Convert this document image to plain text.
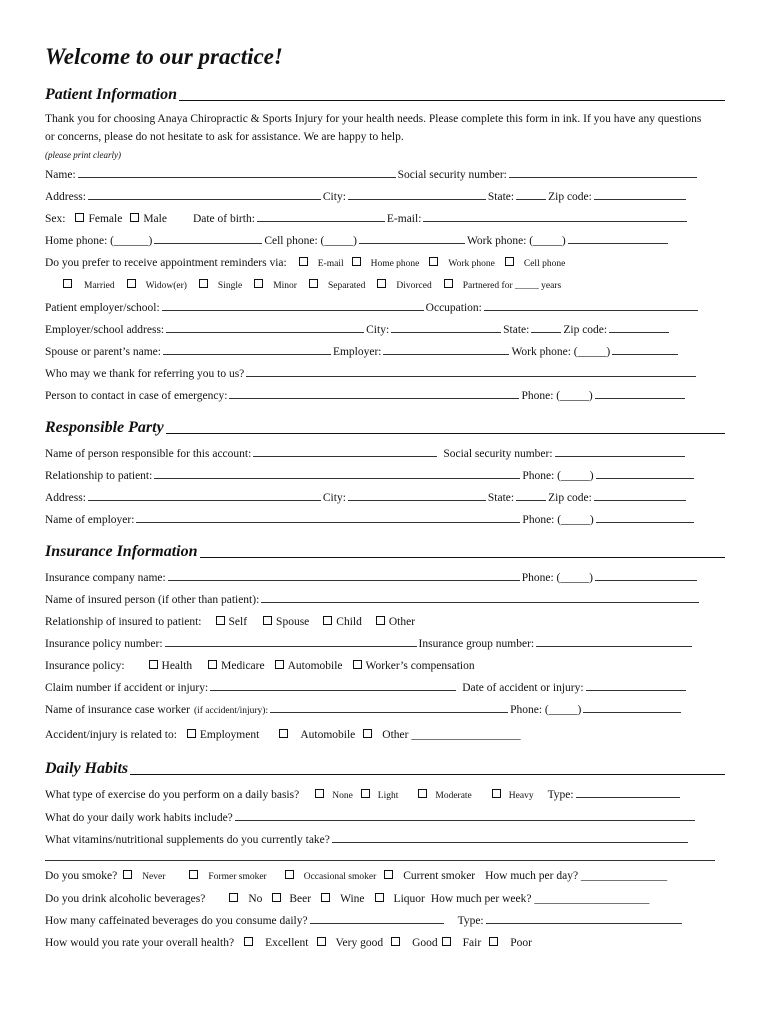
Welcome to our practice!
Patient Information
Thank you for choosing Anaya Chiropractic & Sports Injury for your health needs. Please complete this form in ink. If you have any questions or concerns, please do not hesitate to ask for assistance. We are happy to help.
(please print clearly)
Name:	Social security number:
Address:	City:	State:	Zip code:
Sex: Female Male Date of birth:	E-mail:
Home phone: (______)	Cell phone: (_____)	Work phone: (_____)
Do you prefer to receive appointment reminders via:	E-mail	Home phone	Work phone	Cell phone
Married	Widow(er)	Single	Minor	Separated	Divorced	Partnered for _____ years
Patient employer/school:	Occupation:
Employer/school address:	City:	State:	Zip code:
Spouse or parent’s name:	Employer:	Work phone: (_____)
Who may we thank for referring you to us?
Person to contact in case of emergency:	Phone: (_____)
Responsible Party
Name of person responsible for this account:	Social security number:
Relationship to patient:	Phone: (_____)
Address:	City:	State:	Zip code:
Name of employer:	Phone: (_____)
Insurance Information
Insurance company name:	Phone: (_____)
Name of insured person (if other than patient):
Relationship of insured to patient: Self	Spouse Child Other
Insurance policy number:	Insurance group number:
Insurance policy:	Health	Medicare Automobile Worker’s compensation
Claim number if accident or injury:	Date of accident or injury:
Name of insurance case worker (if accident/injury):	Phone: (_____)
Accident/injury is related to: Employment	Automobile Other ___________________
Daily Habits
What type of exercise do you perform on a daily basis?	None	Light	Moderate	Heavy Type:
What do your daily work habits include?
What vitamins/nutritional supplements do you currently take?
Do you smoke?	Never	Former smoker	Occasional smoker Current smoker How much per day? _______________
Do you drink alcoholic beverages?	No Beer	Wine	Liquor How much per week? ____________________
How many caffeinated beverages do you consume daily?	Type:
How would you rate your overall health?	Excellent Very good	Good Fair	Poor
